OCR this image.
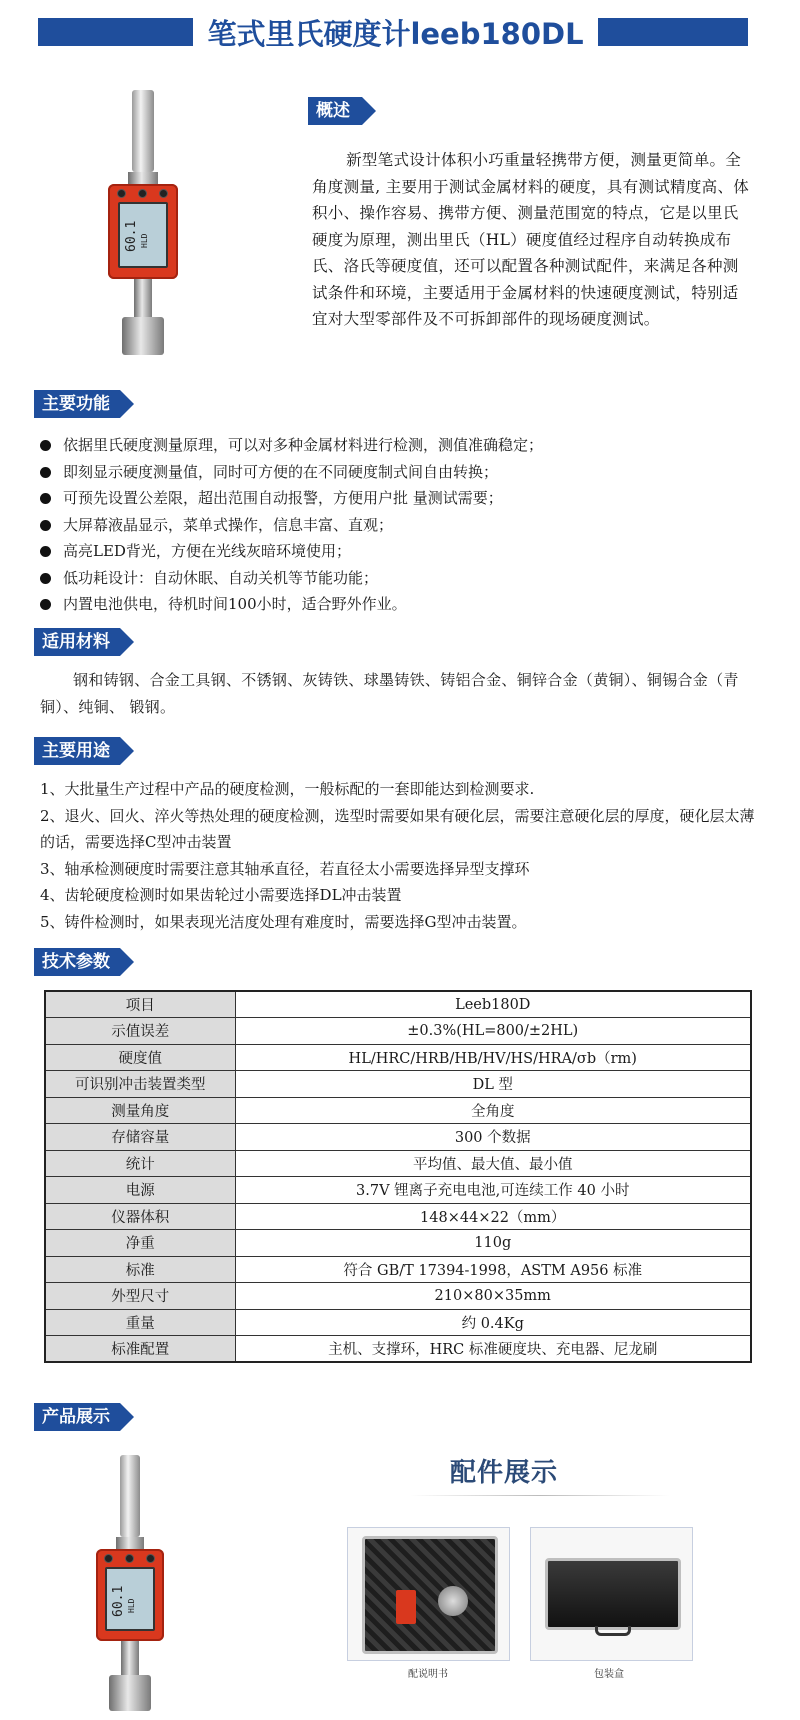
笔式里氏硬度计leeb180DL
60.1 HLD
概述
新型笔式设计体积小巧重量轻携带方便，测量更简单。全角度测量, 主要用于测试金属材料的硬度，具有测试精度高、体积小、操作容易、携带方便、测量范围宽的特点，它是以里氏硬度为原理，测出里氏（HL）硬度值经过程序自动转换成布氏、洛氏等硬度值，还可以配置各种测试配件，来满足各种测试条件和环境，主要适用于金属材料的快速硬度测试，特别适宜对大型零部件及不可拆卸部件的现场硬度测试。
主要功能
依据里氏硬度测量原理，可以对多种金属材料进行检测，测值准确稳定；
即刻显示硬度测量值，同时可方便的在不同硬度制式间自由转换；
可预先设置公差限，超出范围自动报警，方便用户批 量测试需要；
大屏幕液晶显示，菜单式操作，信息丰富、直观；
高亮LED背光，方便在光线灰暗环境使用；
低功耗设计：自动休眠、自动关机等节能功能；
内置电池供电，待机时间100小时，适合野外作业。
适用材料
钢和铸钢、合金工具钢、不锈钢、灰铸铁、球墨铸铁、铸铝合金、铜锌合金（黄铜）、铜锡合金（青铜）、纯铜、 锻钢。
主要用途
1、大批量生产过程中产品的硬度检测，一般标配的一套即能达到检测要求.
2、退火、回火、淬火等热处理的硬度检测，选型时需要如果有硬化层，需要注意硬化层的厚度，硬化层太薄的话，需要选择C型冲击装置
3、轴承检测硬度时需要注意其轴承直径，若直径太小需要选择异型支撑环
4、齿轮硬度检测时如果齿轮过小需要选择DL冲击装置
5、铸件检测时，如果表现光洁度处理有难度时，需要选择G型冲击装置。
技术参数
项目	Leeb180D
示值误差	±0.3%(HL=800/±2HL)
硬度值	HL/HRC/HRB/HB/HV/HS/HRA/σb（rm)
可识别冲击装置类型	DL 型
测量角度	全角度
存储容量	300 个数据
统计	平均值、最大值、最小值
电源	3.7V 锂离子充电电池,可连续工作 40 小时
仪器体积	148×44×22（mm）
净重	110g
标准	符合 GB/T 17394-1998，ASTM A956 标准
外型尺寸	210×80×35mm
重量	约 0.4Kg
标准配置	主机、支撑环，HRC 标准硬度块、充电器、尼龙刷
产品展示
60.1 HLD
配件展示
配说明书	包装盒
